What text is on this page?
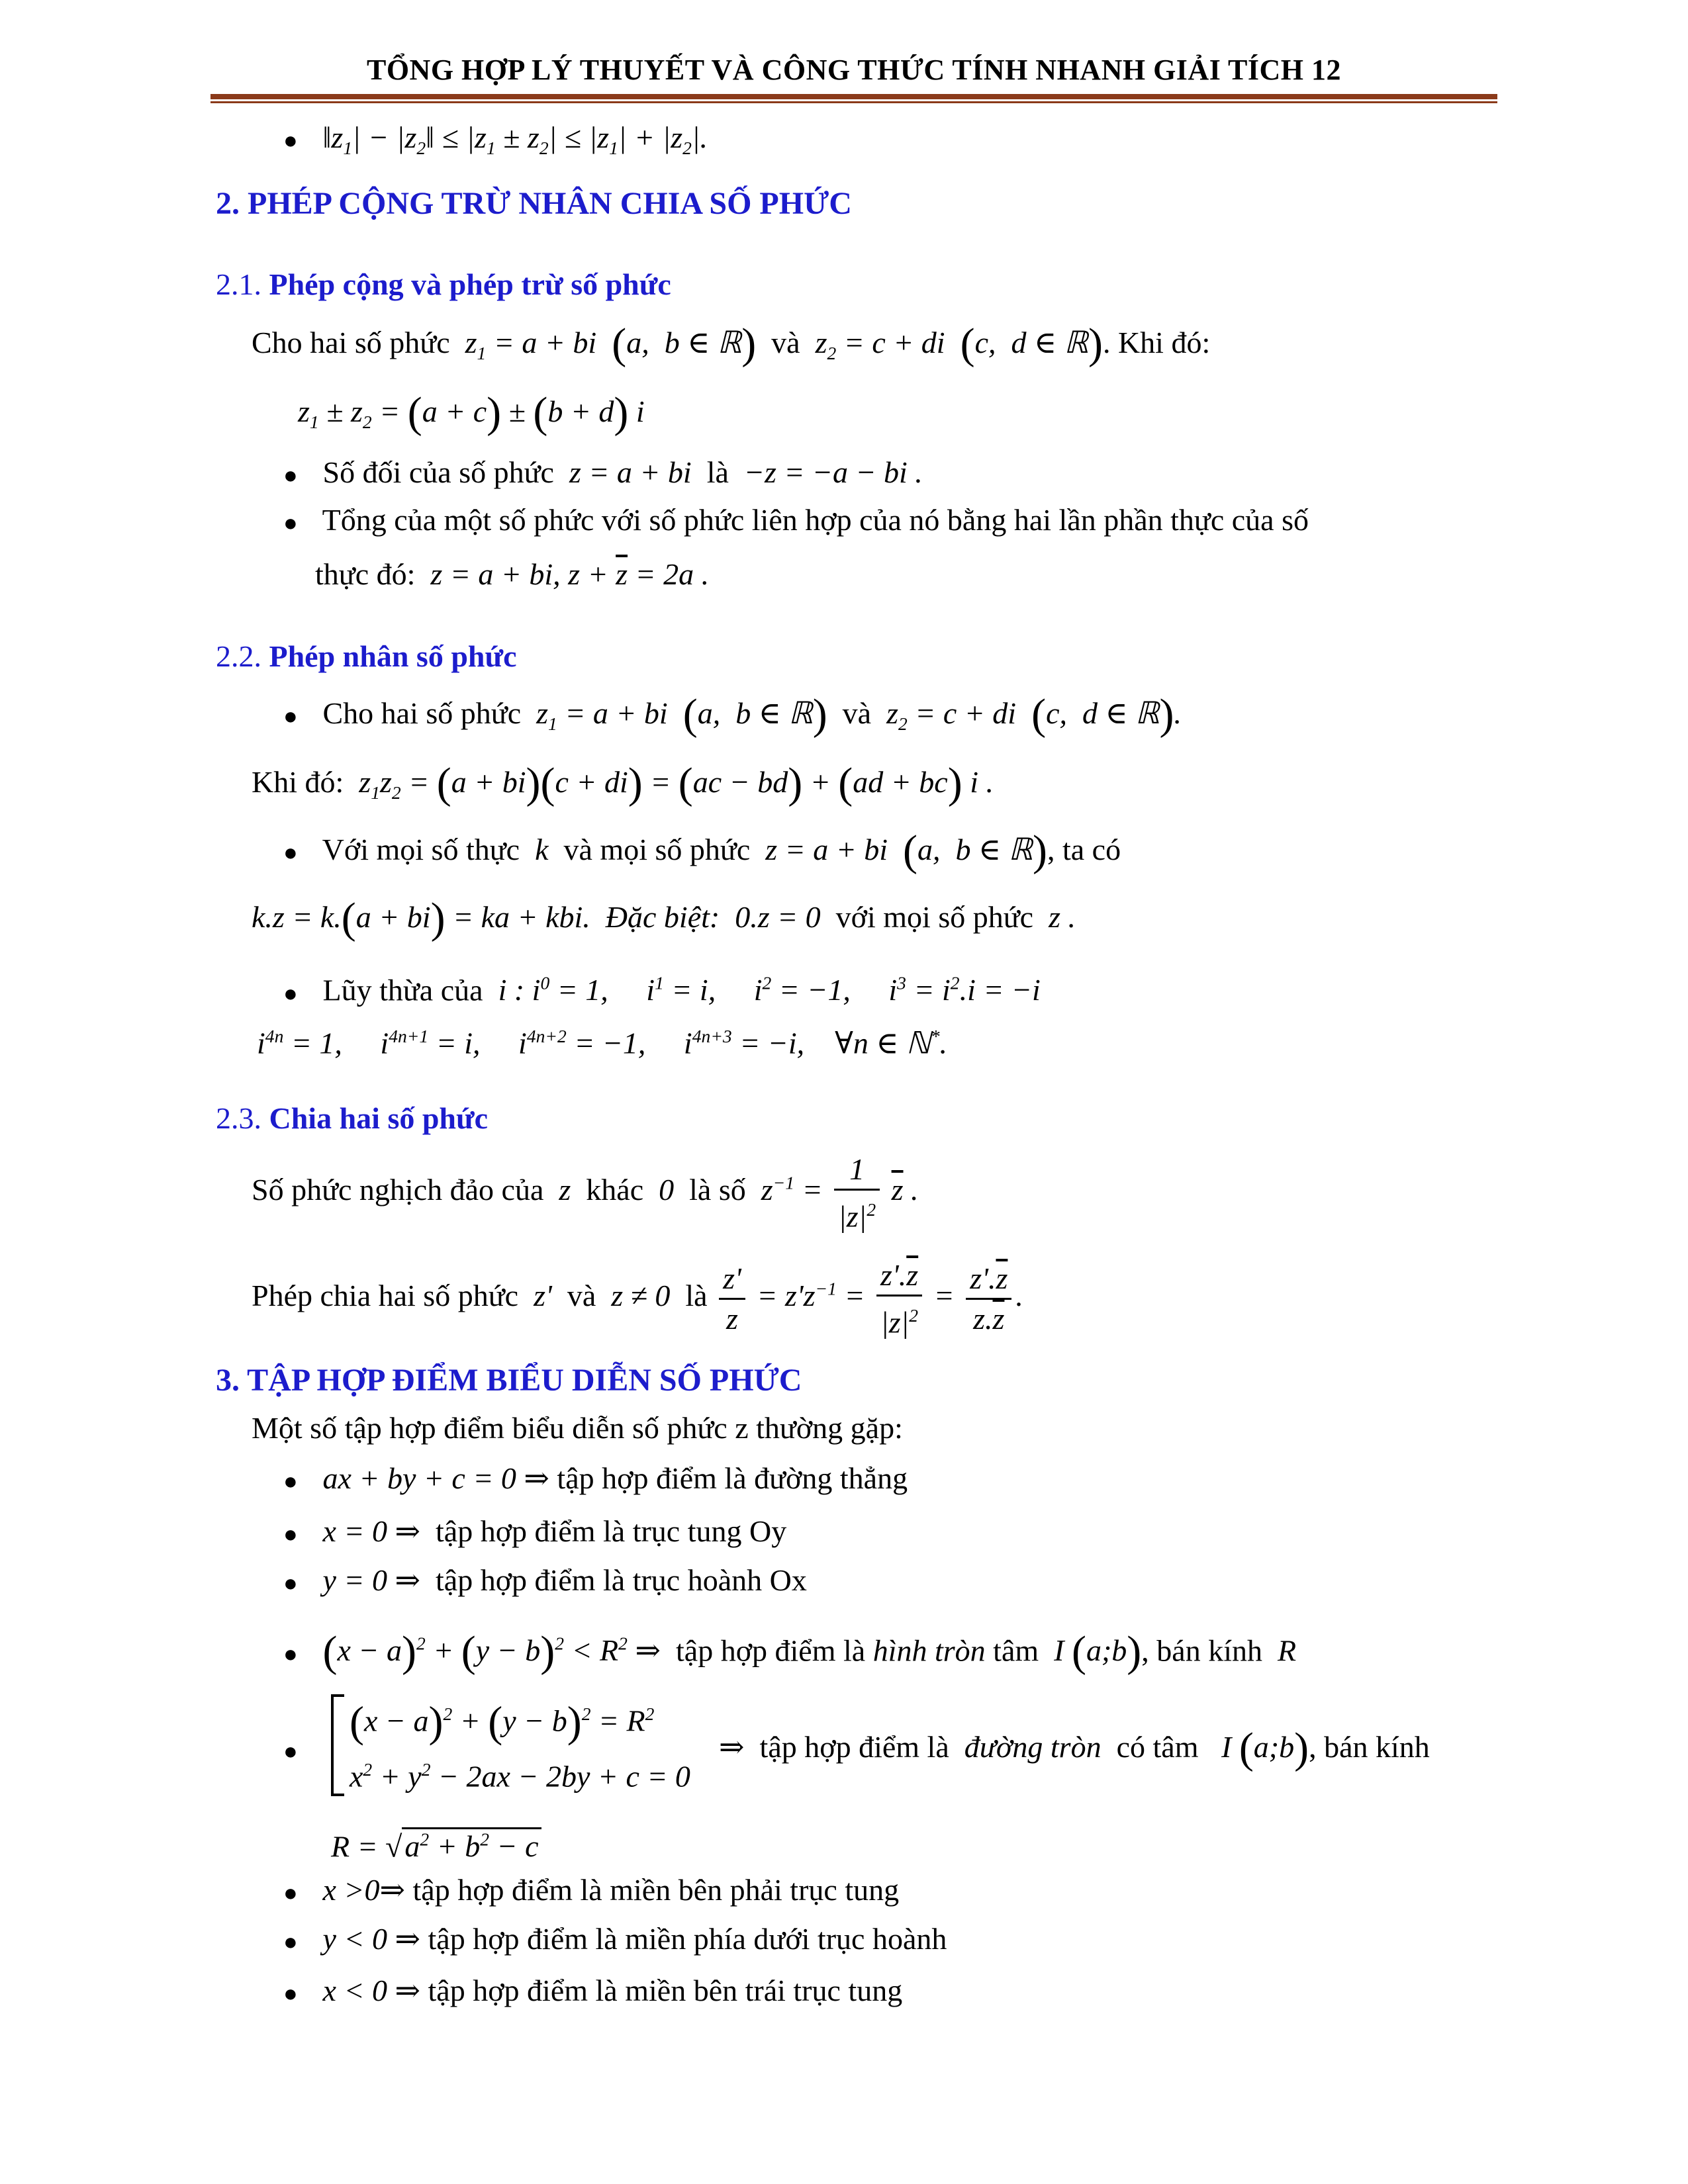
TỔNG HỢP LÝ THUYẾT VÀ CÔNG THỨC TÍNH NHANH GIẢI TÍCH 12
● $‖z_1|$ − $|z_2‖ \le |z_1 \pm z_2| \le |z_1| + |z_2|$.
2. PHÉP CỘNG TRỪ NHÂN CHIA SỐ PHỨC
2.1. Phép cộng và phép trừ số phức
Cho hai số phức  $z_1 = a$ + bi (a,  b ∈ ℝ) và  $z_2 = c$ + di (c,  d ∈ ℝ). Khi đó:
$z_1 \pm z_2 = (a + c) \pm (b + d)$ i
● Số đối của số phức  z = a + bi  là  −z = −a − bi .
● Tổng của một số phức với số phức liên hợp của nó bằng hai lần phần thực của số
thực đó:  z = a + bi, $z + \overline{z} = 2a$ .
2.2. Phép nhân số phức
● Cho hai số phức  $z_1 = a$ + bi (a,  b ∈ ℝ) và  $z_2 = c$ + di (c,  d ∈ ℝ).
Khi đó:  $z_1z_2 = (a + bi)(c + di) = (ac - bd) + (ad + bc)$ i .
● Với mọi số thực  k  và mọi số phức  z = a + bi (a,  b ∈ ℝ), ta có
k.z = k.(a + bi) = ka + kbi.  Đặc biệt:  0.z = 0  với mọi số phức  z .
● Lũy thừa của  i : $i^0 = 1$,     $i^1 = i$,     $i^2 = -1$,     $i^3 = i^2.i = -i$
$i^{4n} = 1$,     $i^{4n+1} = i$,     $i^{4n+2} = -1$,     $i^{4n+3} = -i$,    ∀n ∈ ℕ*.
2.3. Chia hai số phức
Số phức nghịch đảo của  z  khác  0  là số  $z^{-1} = \frac{1}{|z|^2} \overline{z}$ .
Phép chia hai số phức  z'  và  z ≠ 0  là $\frac{z'}{z} = z'z^{-1} = \frac{z'.\overline{z}}{|z|^2} = \frac{z'.\overline{z}}{z.\overline{z}}$ .
3. TẬP HỢP ĐIỂM BIỂU DIỄN SỐ PHỨC
Một số tập hợp điểm biểu diễn số phức z thường gặp:
● ax + by + c = 0 ⇒ tập hợp điểm là đường thẳng
● x = 0 ⇒ tập hợp điểm là trục tung Oy
● y = 0 ⇒ tập hợp điểm là trục hoành Ox
● $(x - a)^2 + (y - b)^2 < R^2$ ⇒ tập hợp điểm là hình tròn tâm  I (a;b), bán kính  R
●
$(x - a)^2 + (y - b)^2 = R^2$
$x^2 + y^2 - 2ax - 2by + c = 0$
⇒ tập hợp điểm là đường tròn có tâm   I (a;b), bán kính
$R = √a^2 + b^2 - c$
● x >0⇒ tập hợp điểm là miền bên phải trục tung
● y < 0 ⇒ tập hợp điểm là miền phía dưới trục hoành
● x < 0 ⇒ tập hợp điểm là miền bên trái trục tung
